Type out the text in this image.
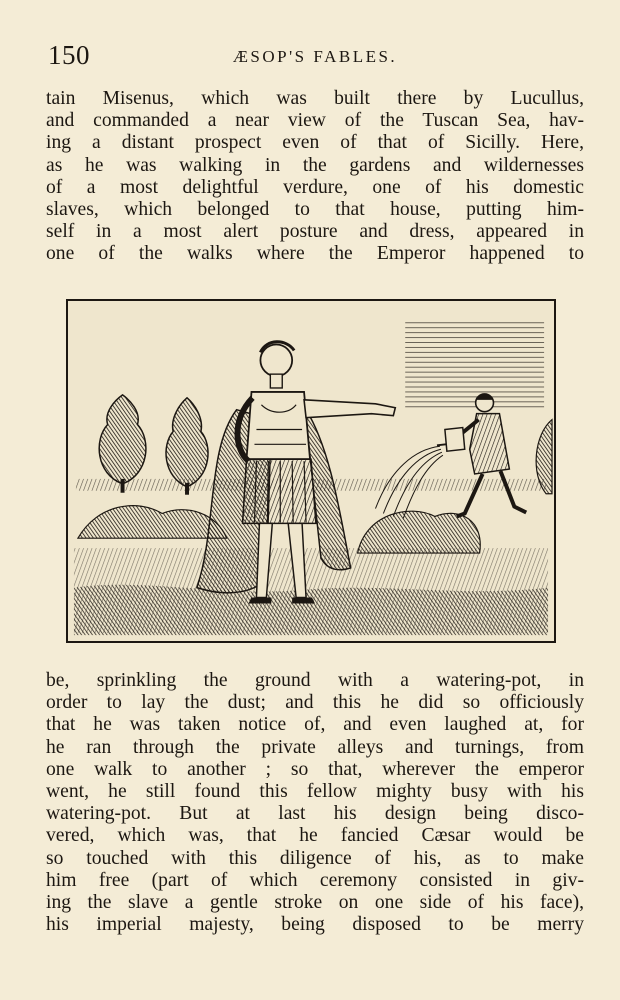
150	ÆSOP'S FABLES.
tain Misenus, which was built there by Lucullus,
and commanded a near view of the Tuscan Sea, hav-
ing a distant prospect even of that of Sicilly. Here,
as he was walking in the gardens and wildernesses
of a most delightful verdure, one of his domestic
slaves, which belonged to that house, putting him-
self in a most alert posture and dress, appeared in
one of the walks where the Emperor happened to
be, sprinkling the ground with a watering-pot, in
order to lay the dust; and this he did so officiously
that he was taken notice of, and even laughed at, for
he ran through the private alleys and turnings, from
one walk to another ; so that, wherever the emperor
went, he still found this fellow mighty busy with his
watering-pot. But at last his design being disco-
vered, which was, that he fancied Cæsar would be
so touched with this diligence of his, as to make
him free (part of which ceremony consisted in giv-
ing the slave a gentle stroke on one side of his face),
his imperial majesty, being disposed to be merry
